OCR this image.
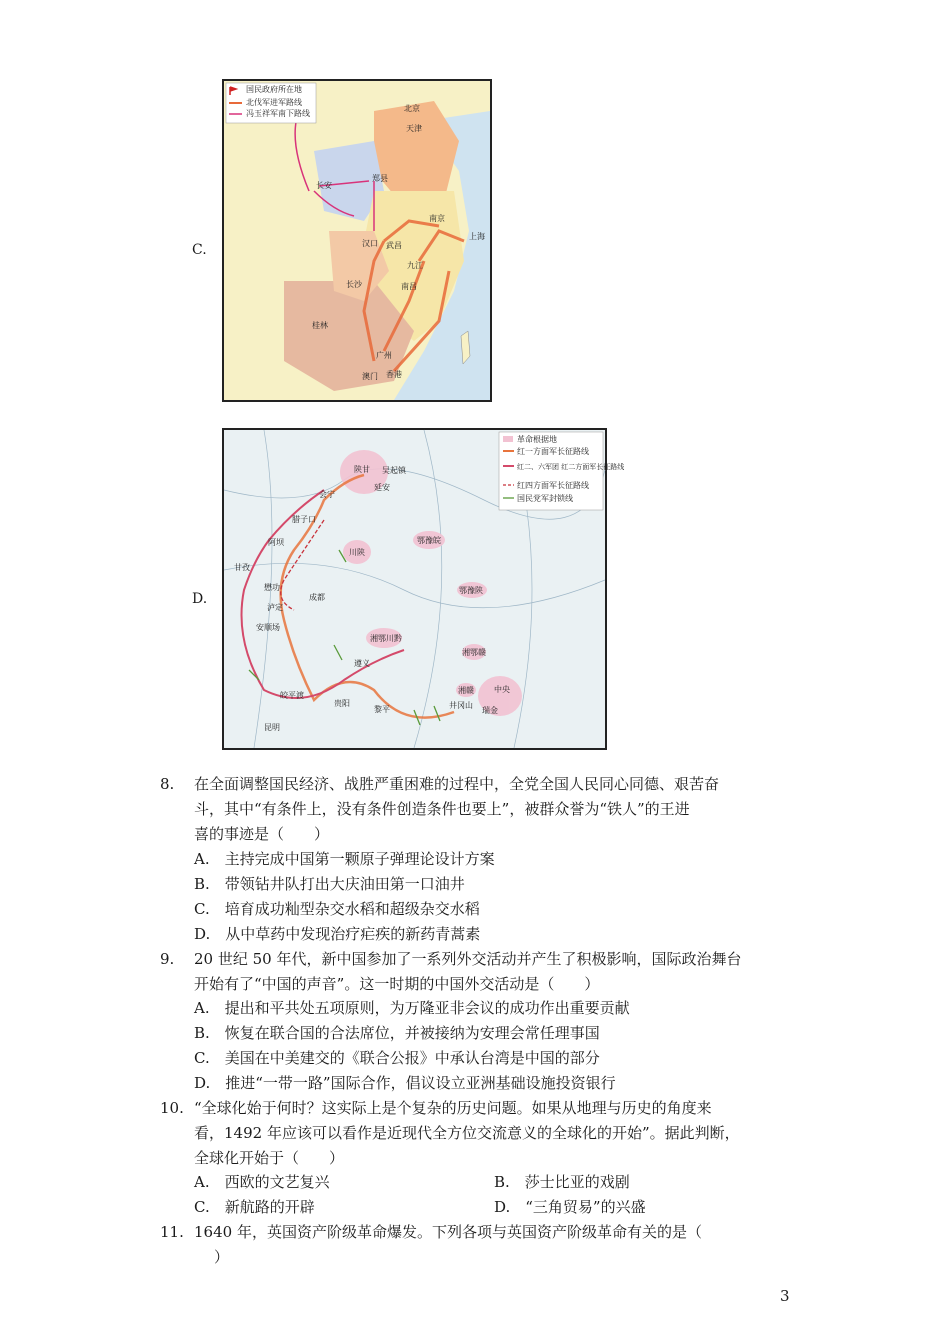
C.
国民政府所在地
北伐军进军路线
冯玉祥军南下路线
北京
天津
长安
郑县
南京
上海
汉口 武昌
九江
长沙	南昌
桂林
广州
澳门 香港
D.
革命根据地
红一方面军长征路线
红二、六军团 红二方面军长征路线
红四方面军长征路线
国民党军封锁线
陕甘
川陕
鄂豫皖
鄂豫陕
湘鄂川黔
湘鄂赣
湘赣	中央
吴起镇
延安
会宁
腊子口
阿坝
甘孜
懋功
泸定
成都
安顺场
遵义
贵阳
黎平
皎平渡
昆明
瑞金
井冈山
8.	在全面调整国民经济、战胜严重困难的过程中，全党全国人民同心同德、艰苦奋
斗，其中“有条件上，没有条件创造条件也要上”，被群众誉为“铁人”的王进
喜的事迹是（　　）
A.　主持完成中国第一颗原子弹理论设计方案
B.　带领钻井队打出大庆油田第一口油井
C.　培育成功籼型杂交水稻和超级杂交水稻
D.　从中草药中发现治疗疟疾的新药青蒿素
9.	20 世纪 50 年代，新中国参加了一系列外交活动并产生了积极影响，国际政治舞台
开始有了“中国的声音”。这一时期的中国外交活动是（　　）
A.　提出和平共处五项原则，为万隆亚非会议的成功作出重要贡献
B.　恢复在联合国的合法席位，并被接纳为安理会常任理事国
C.　美国在中美建交的《联合公报》中承认台湾是中国的部分
D.　推进“一带一路”国际合作，倡议设立亚洲基础设施投资银行
10. “全球化始于何时？这实际上是个复杂的历史问题。如果从地理与历史的角度来
看，1492 年应该可以看作是近现代全方位交流意义的全球化的开始”。据此判断，
全球化开始于（　　）
A.　西欧的文艺复兴	B.　莎士比亚的戏剧
C.　新航路的开辟	D.　“三角贸易”的兴盛
11. 1640 年，英国资产阶级革命爆发。下列各项与英国资产阶级革命有关的是（
）
3
